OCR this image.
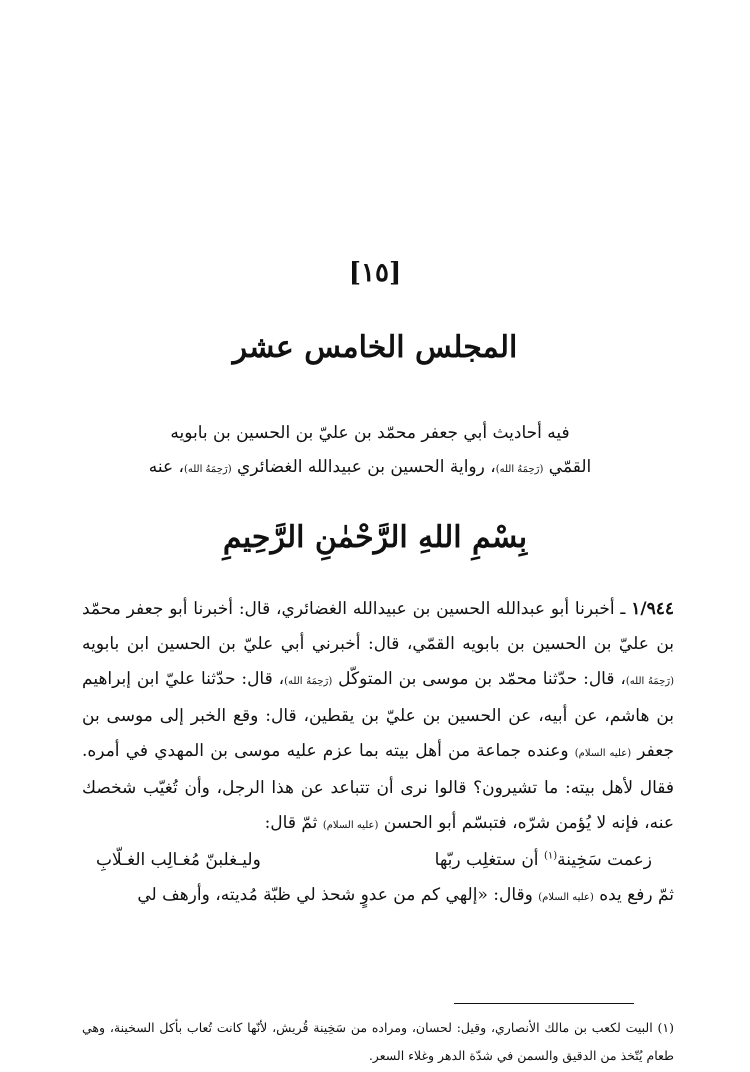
[١٥]
المجلس الخامس عشر
فيه أحاديث أبي جعفر محمّد بن عليّ بن الحسين بن بابويه
القمّي (رَحِمَهُ الله)، رواية الحسين بن عبيدالله الغضائري (رَحِمَهُ الله)، عنه
بِسْمِ اللهِ الرَّحْمٰنِ الرَّحِيمِ
١/٩٤٤ ـ أخبرنا أبو عبدالله الحسين بن عبيدالله الغضائري، قال: أخبرنا أبو جعفر محمّد بن عليّ بن الحسين بن بابويه القمّي، قال: أخبرني أبي عليّ بن الحسين ابن بابويه (رَحِمَهُ الله)، قال: حدّثنا محمّد بن موسى بن المتوكّل (رَحِمَهُ الله)، قال: حدّثنا عليّ ابن إبراهيم بن هاشم، عن أبيه، عن الحسين بن عليّ بن يقطين، قال: وقع الخبر إلى موسى بن جعفر (عليه السلام) وعنده جماعة من أهل بيته بما عزم عليه موسى بن المهدي في أمره. فقال لأهل بيته: ما تشيرون؟ قالوا نرى أن تتباعد عن هذا الرجل، وأن تُغيّب شخصك عنه، فإنه لا يُؤمن شرّه، فتبسّم أبو الحسن (عليه السلام) ثمّ قال:
زعمت سَخِينة$^{(١)}$ أن ستغلِب ربّها
وليـغلبنّ مُغـالِب الغـلّابِ
ثمّ رفع يده (عليه السلام) وقال: «إلهي كم من عدوٍ شحذ لي ظبّة مُديته، وأرهف لي
(١) البيت لكعب بن مالك الأنصاري، وقيل: لحسان، ومراده من سَخِينة قُريش، لأنّها كانت تُعاب بأكل السخينة، وهي طعام يُتّخذ من الدقيق والسمن في شدّة الدهر وغلاء السعر.
